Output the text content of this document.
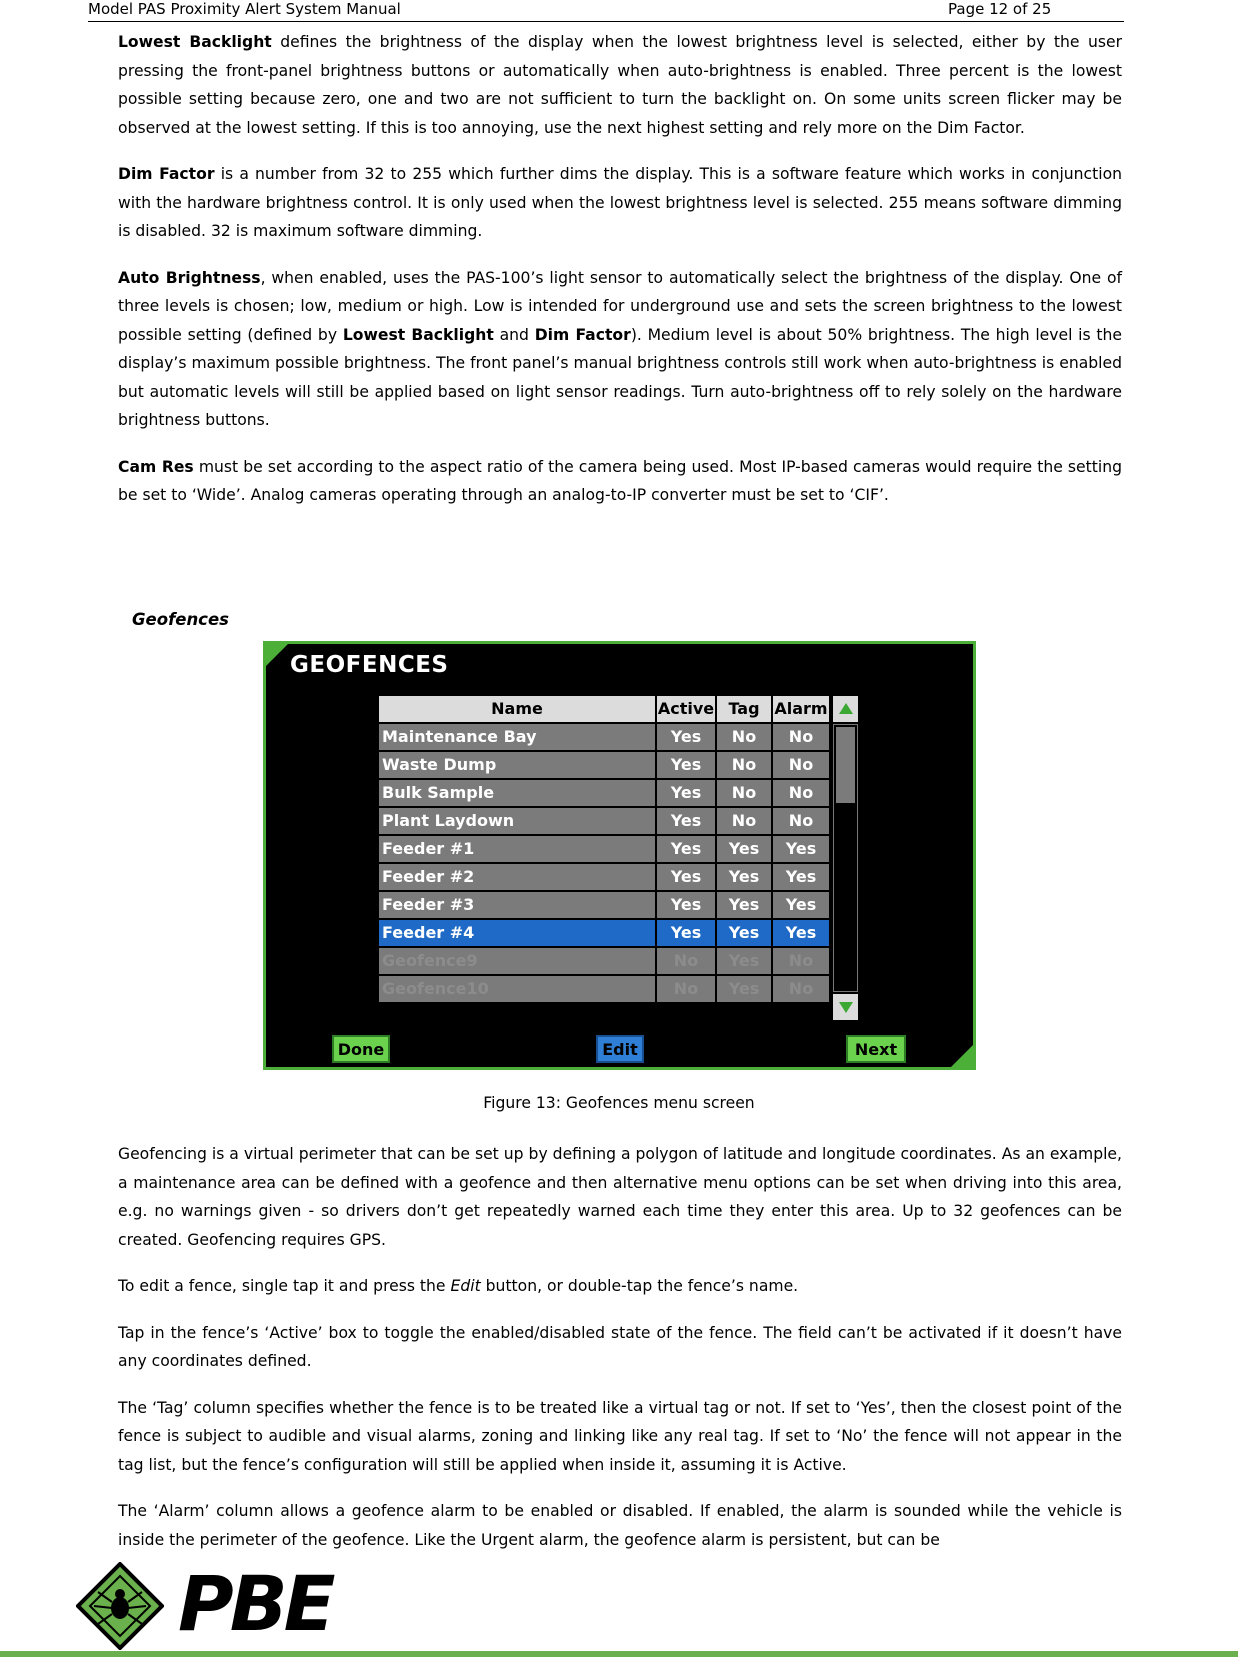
Model PAS Proximity Alert System Manual	Page 12 of 25

Lowest Backlight defines the brightness of the display when the lowest brightness level is selected, either by the user pressing the front-panel brightness buttons or automatically when auto-brightness is enabled. Three percent is the lowest possible setting because zero, one and two are not sufficient to turn the backlight on. On some units screen flicker may be observed at the lowest setting. If this is too annoying, use the next highest setting and rely more on the Dim Factor.

Dim Factor is a number from 32 to 255 which further dims the display. This is a software feature which works in conjunction with the hardware brightness control. It is only used when the lowest brightness level is selected. 255 means software dimming is disabled. 32 is maximum software dimming.

Auto Brightness, when enabled, uses the PAS-100’s light sensor to automatically select the brightness of the display. One of three levels is chosen; low, medium or high. Low is intended for underground use and sets the screen brightness to the lowest possible setting (defined by Lowest Backlight and Dim Factor). Medium level is about 50% brightness. The high level is the display’s maximum possible brightness. The front panel’s manual brightness controls still work when auto-brightness is enabled but automatic levels will still be applied based on light sensor readings. Turn auto-brightness off to rely solely on the hardware brightness buttons.

Cam Res must be set according to the aspect ratio of the camera being used. Most IP-based cameras would require the setting be set to ‘Wide’. Analog cameras operating through an analog-to-IP converter must be set to ‘CIF’.

Geofences
GEOFENCES
Name	Active Tag Alarm
Maintenance Bay	Yes	No	No
Waste Dump	Yes	No	No
Bulk Sample	Yes	No	No
Plant Laydown	Yes	No	No
Feeder #1	Yes	Yes	Yes
Feeder #2	Yes	Yes	Yes
Feeder #3	Yes	Yes	Yes
Feeder #4	Yes	Yes	Yes
Geofence9	No	Yes	No
Geofence10	No	Yes	No
Done	Edit	Next
Figure 13: Geofences menu screen

Geofencing is a virtual perimeter that can be set up by defining a polygon of latitude and longitude coordinates. As an example, a maintenance area can be defined with a geofence and then alternative menu options can be set when driving into this area, e.g. no warnings given - so drivers don’t get repeatedly warned each time they enter this area. Up to 32 geofences can be created. Geofencing requires GPS.

To edit a fence, single tap it and press the Edit button, or double-tap the fence’s name.

Tap in the fence’s ‘Active’ box to toggle the enabled/disabled state of the fence. The field can’t be activated if it doesn’t have any coordinates defined.

The ‘Tag’ column specifies whether the fence is to be treated like a virtual tag or not. If set to ‘Yes’, then the closest point of the fence is subject to audible and visual alarms, zoning and linking like any real tag. If set to ‘No’ the fence will not appear in the tag list, but the fence’s configuration will still be applied when inside it, assuming it is Active.

The ‘Alarm’ column allows a geofence alarm to be enabled or disabled. If enabled, the alarm is sounded while the vehicle is inside the perimeter of the geofence. Like the Urgent alarm, the geofence alarm is persistent, but can be

PBE
